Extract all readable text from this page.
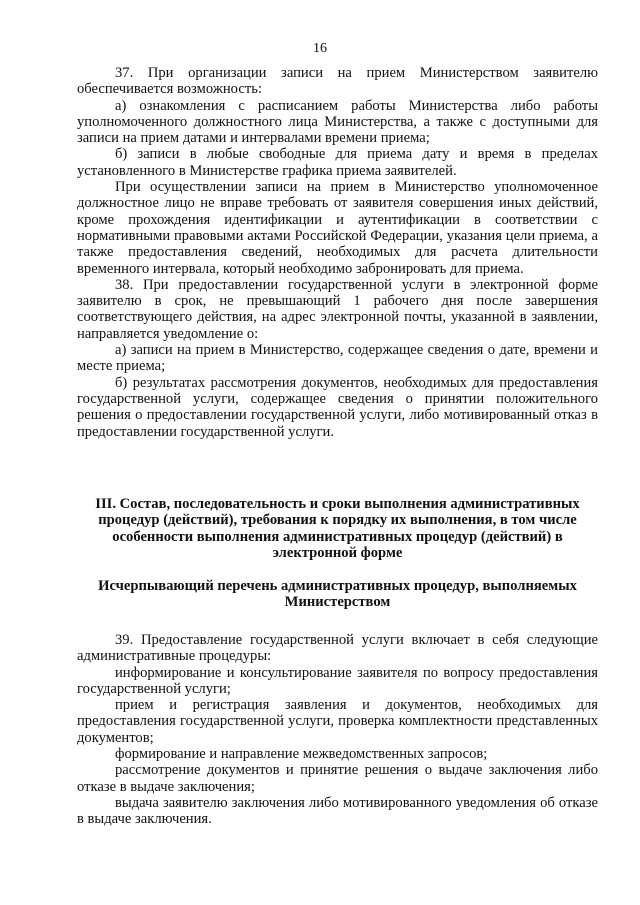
16

37. При организации записи на прием Министерством заявителю обеспечивается возможность:

а) ознакомления с расписанием работы Министерства либо работы уполномоченного должностного лица Министерства, а также с доступными для записи на прием датами и интервалами времени приема;

б) записи в любые свободные для приема дату и время в пределах установленного в Министерстве графика приема заявителей.

При осуществлении записи на прием в Министерство уполномоченное должностное лицо не вправе требовать от заявителя совершения иных действий, кроме прохождения идентификации и аутентификации в соответствии с нормативными правовыми актами Российской Федерации, указания цели приема, а также предоставления сведений, необходимых для расчета длительности временного интервала, который необходимо забронировать для приема.

38. При предоставлении государственной услуги в электронной форме заявителю в срок, не превышающий 1 рабочего дня после завершения соответствующего действия, на адрес электронной почты, указанной в заявлении, направляется уведомление о:

а) записи на прием в Министерство, содержащее сведения о дате, времени и месте приема;

б) результатах рассмотрения документов, необходимых для предоставления государственной услуги, содержащее сведения о принятии положительного решения о предоставлении государственной услуги, либо мотивированный отказ в предоставлении государственной услуги.

III. Состав, последовательность и сроки выполнения административных процедур (действий), требования к порядку их выполнения, в том числе особенности выполнения административных процедур (действий) в электронной форме

Исчерпывающий перечень административных процедур, выполняемых Министерством

39. Предоставление государственной услуги включает в себя следующие административные процедуры:

информирование и консультирование заявителя по вопросу предоставления государственной услуги;

прием и регистрация заявления и документов, необходимых для предоставления государственной услуги, проверка комплектности представленных документов;

формирование и направление межведомственных запросов;

рассмотрение документов и принятие решения о выдаче заключения либо отказе в выдаче заключения;

выдача заявителю заключения либо мотивированного уведомления об отказе в выдаче заключения.
